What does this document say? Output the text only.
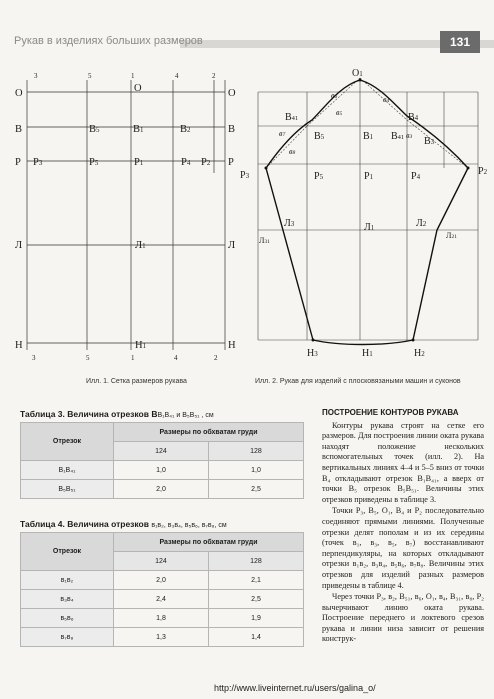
Рукав в изделиях больших размеров	131
3	5	1	4	2
3	5	1	4	2
О	О	О
В	В5	В1	В2	В
Р Р3	Р5	Р1	Р4 Р2 Р
Л	Л1	Л
Н	Н1	Н
Илл. 1. Сетка размеров рукава
О1
В41	В4
В5	В1 В41 В3
Р3	Р5	Р1	Р4	Р2
Л3	Л1	Л2
Л31
Л21
Н3	Н1	Н2
в4
в6
в5
в7
в8
в3
Илл. 2. Рукав для изделий с плосковязаными машин и суконов
Таблица 3. Величина отрезков ВВ₁В₄₁ и В₅В₅₁ , см
Отрезок	Размеры по обхватам груди	
	124	128
В₁В₄₁	1,0	1,0
В₅В₅₁	2,0	2,5
Таблица 4. Величина отрезков в₁в₂, в₃в₄, в₅в₆, в₇в₈, см
Отрезок	Размеры по обхватам груди	
	124	128
в₁в₂	2,0	2,1
в₃в₄	2,4	2,5
в₅в₆	1,8	1,9
в₇в₈	1,3	1,4
ПОСТРОЕНИЕ КОНТУРОВ РУКАВА

Контуры рукава строят на сетке его размеров. Для построения линии оката рукава находят положение нескольких вспомогательных точек (илл. 2). На вертикальных линиях 4–4 и 5–5 вниз от точки В₄ откладывают отрезок В₁В₄₁, а вверх от точки В₅ отрезок В₅В₅₁. Величины этих отрезков приведены в таблице 3.

Точки Р₃, В₅, О₁, В₄ и Р₂ последовательно соединяют прямыми линиями. Полученные отрезки делят пополам и из их середины (точек в₁, в₃, в₅, в₇) восстанавливают перпендикуляры, на которых откладывают отрезки в₁в₂, в₃в₄, в₅в₆, в₇в₈. Величины этих отрезков для изделий разных размеров приведены в таблице 4.

Через точки Р₃, в₂, В₅₁, в₆, О₁, в₄, В₃₁, в₈, Р₂ вычерчивают линию оката рукава. Построение переднего и локтевого срезов рукава и линии низа зависит от решения конструк-

http://www.liveinternet.ru/users/galina_o/
